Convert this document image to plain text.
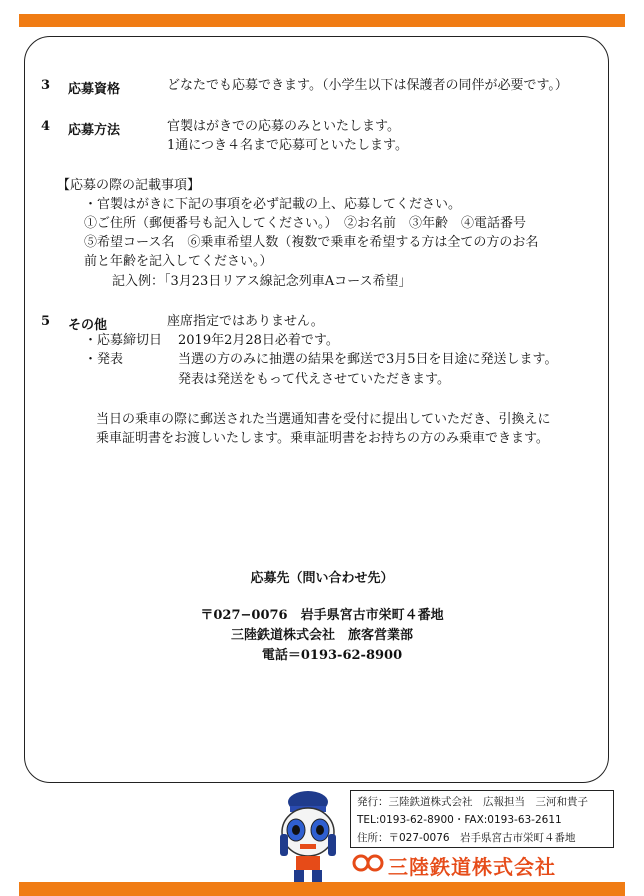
3 応募資格	どなたでも応募できます。（小学生以下は保護者の同伴が必要です。）
4 応募方法	官製はがきでの応募のみといたします。
1通につき４名まで応募可といたします。
【応募の際の記載事項】
・官製はがきに下記の事項を必ず記載の上、応募してください。
①ご住所（郵便番号も記入してください。）　②お名前　③年齢　④電話番号
⑤希望コース名　⑥乗車希望人数（複数で乗車を希望する方は全ての方のお名
前と年齢を記入してください。）
記入例：「3月23日リアス線記念列車Aコース希望」
5 その他	座席指定ではありません。
・応募締切日 2019年2月28日必着です。
・発表	当選の方のみに抽選の結果を郵送で3月5日を目途に発送します。
発表は発送をもって代えさせていただきます。
当日の乗車の際に郵送された当選通知書を受付に提出していただき、引換えに
乗車証明書をお渡しいたします。乗車証明書をお持ちの方のみ乗車できます。
応募先（問い合わせ先）
〒027−0076　岩手県宮古市栄町４番地
三陸鉄道株式会社　旅客営業部
電話＝0193-62-8900
発行：三陸鉄道株式会社　広報担当　三河和貴子
TEL:0193-62-8900・FAX:0193-63-2611
住所：〒027-0076　岩手県宮古市栄町４番地
三陸鉄道株式会社
